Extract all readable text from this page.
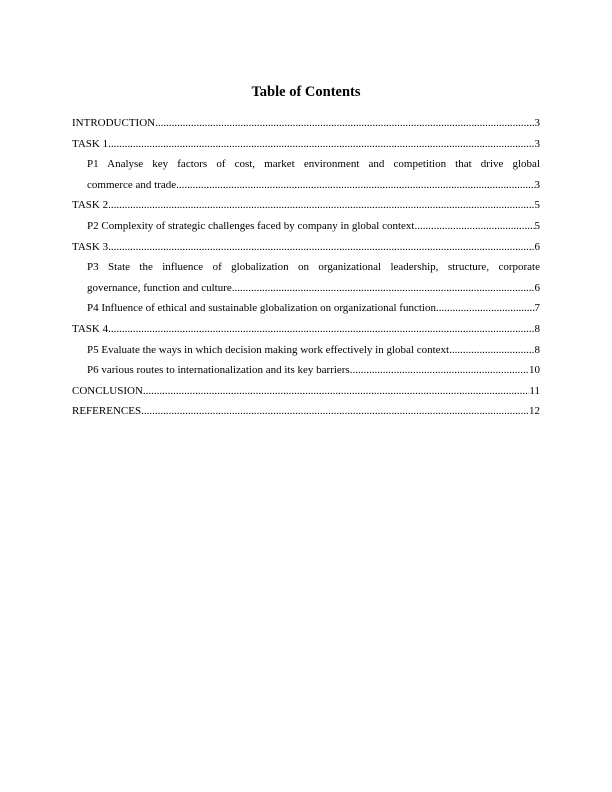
Table of Contents
INTRODUCTION .....	3
TASK 1 .....	3
P1 Analyse key factors of cost, market environment and competition that drive global
commerce and trade .....	3
TASK 2 .....	5
P2 Complexity of strategic challenges faced by company in global context .....	5
TASK 3 .....	6
P3 State the influence of globalization on organizational leadership, structure, corporate
governance, function and culture .....	6
P4 Influence of ethical and sustainable globalization on organizational function .....	7
TASK 4 .....	8
P5 Evaluate the ways in which decision making work effectively in global context .....	8
P6 various routes to internationalization and its key barriers .....	10
CONCLUSION .....	11
REFERENCES .....	12
